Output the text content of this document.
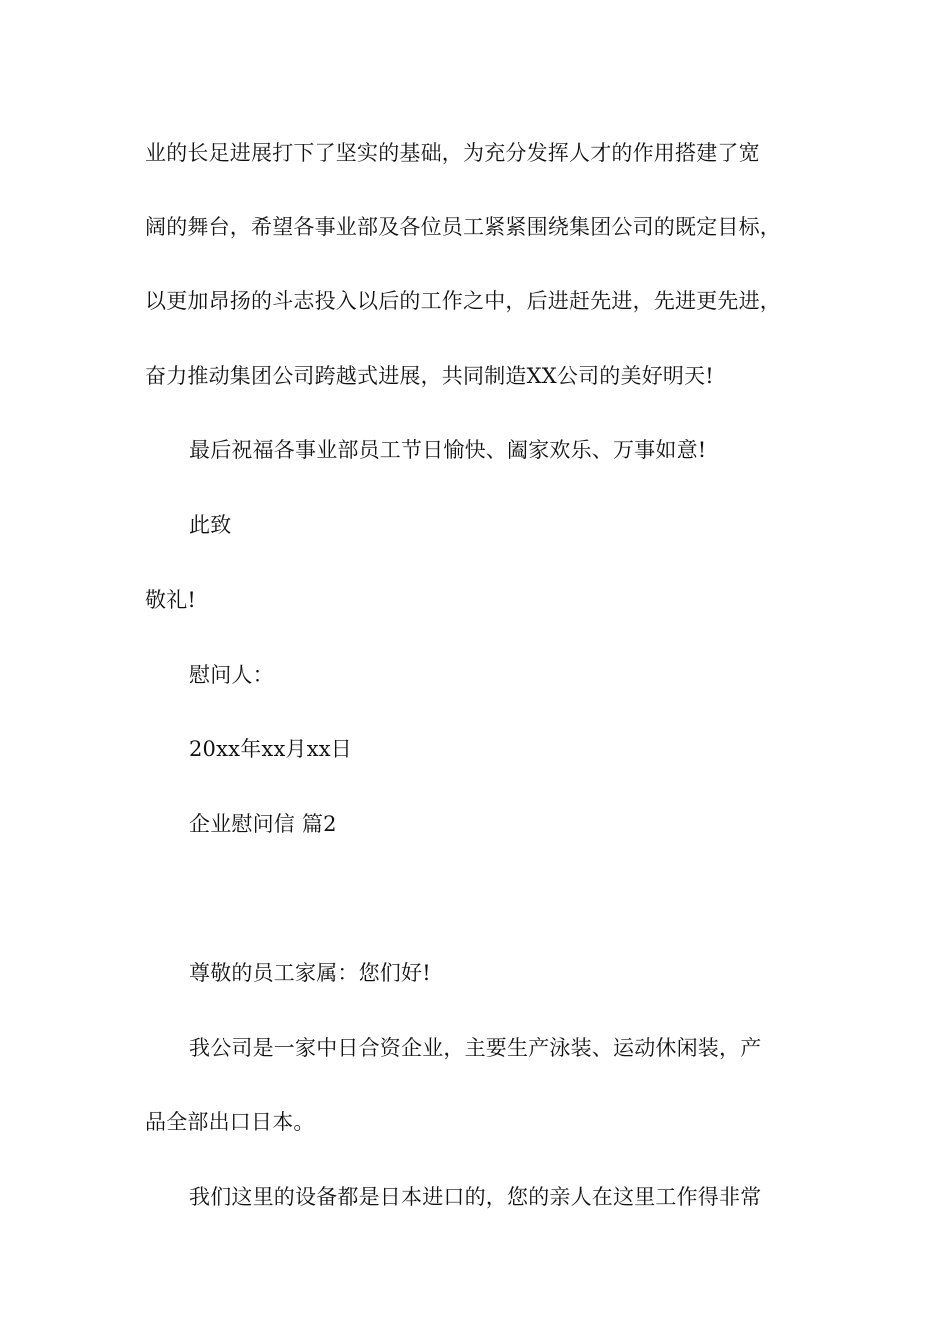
业的长足进展打下了坚实的基础，为充分发挥人才的作用搭建了宽
阔的舞台，希望各事业部及各位员工紧紧围绕集团公司的既定目标，
以更加昂扬的斗志投入以后的工作之中，后进赶先进，先进更先进，
奋力推动集团公司跨越式进展，共同制造XX公司的美好明天!
最后祝福各事业部员工节日愉快、阖家欢乐、万事如意!
此致
敬礼!
慰问人：
20xx年xx月xx日
企业慰问信 篇2
尊敬的员工家属：您们好!
我公司是一家中日合资企业，主要生产泳装、运动休闲装，产
品全部出口日本。
我们这里的设备都是日本进口的，您的亲人在这里工作得非常
